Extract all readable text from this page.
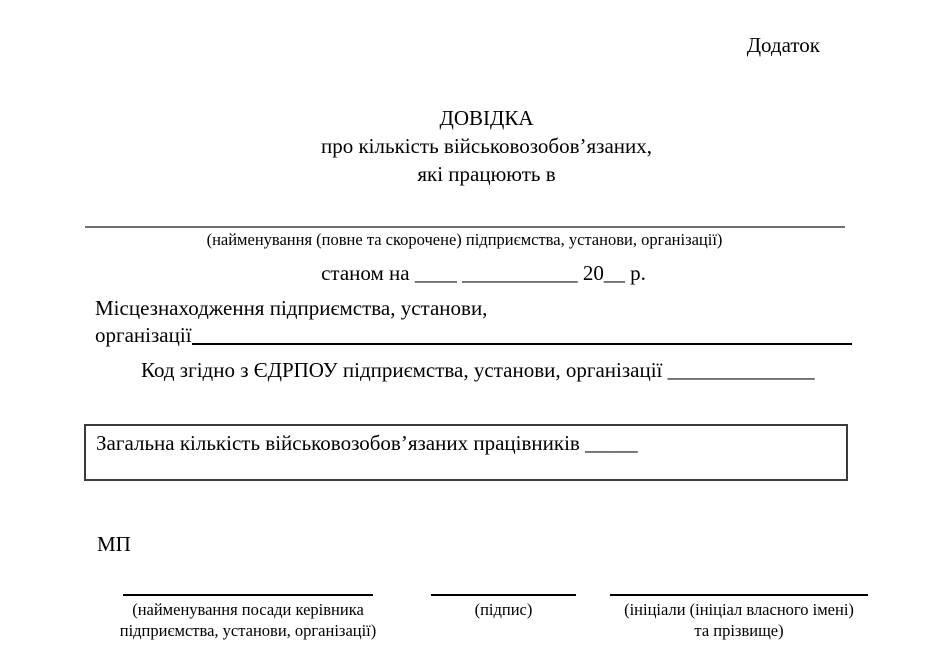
Додаток
ДОВІДКА
про кількість військовозобов’язаних,
які працюють в
(найменування (повне та скорочене) підприємства, установи, організації)
станом на ____ ___________ 20__ р.
Місцезнаходження підприємства, установи,
організації
Код згідно з ЄДРПОУ підприємства, установи, організації ______________
Загальна кількість військовозобов’язаних працівників _____
МП
(найменування посади керівника
підприємства, установи, організації)
(підпис)	(ініціали (ініціал власного імені)
та прізвище)
